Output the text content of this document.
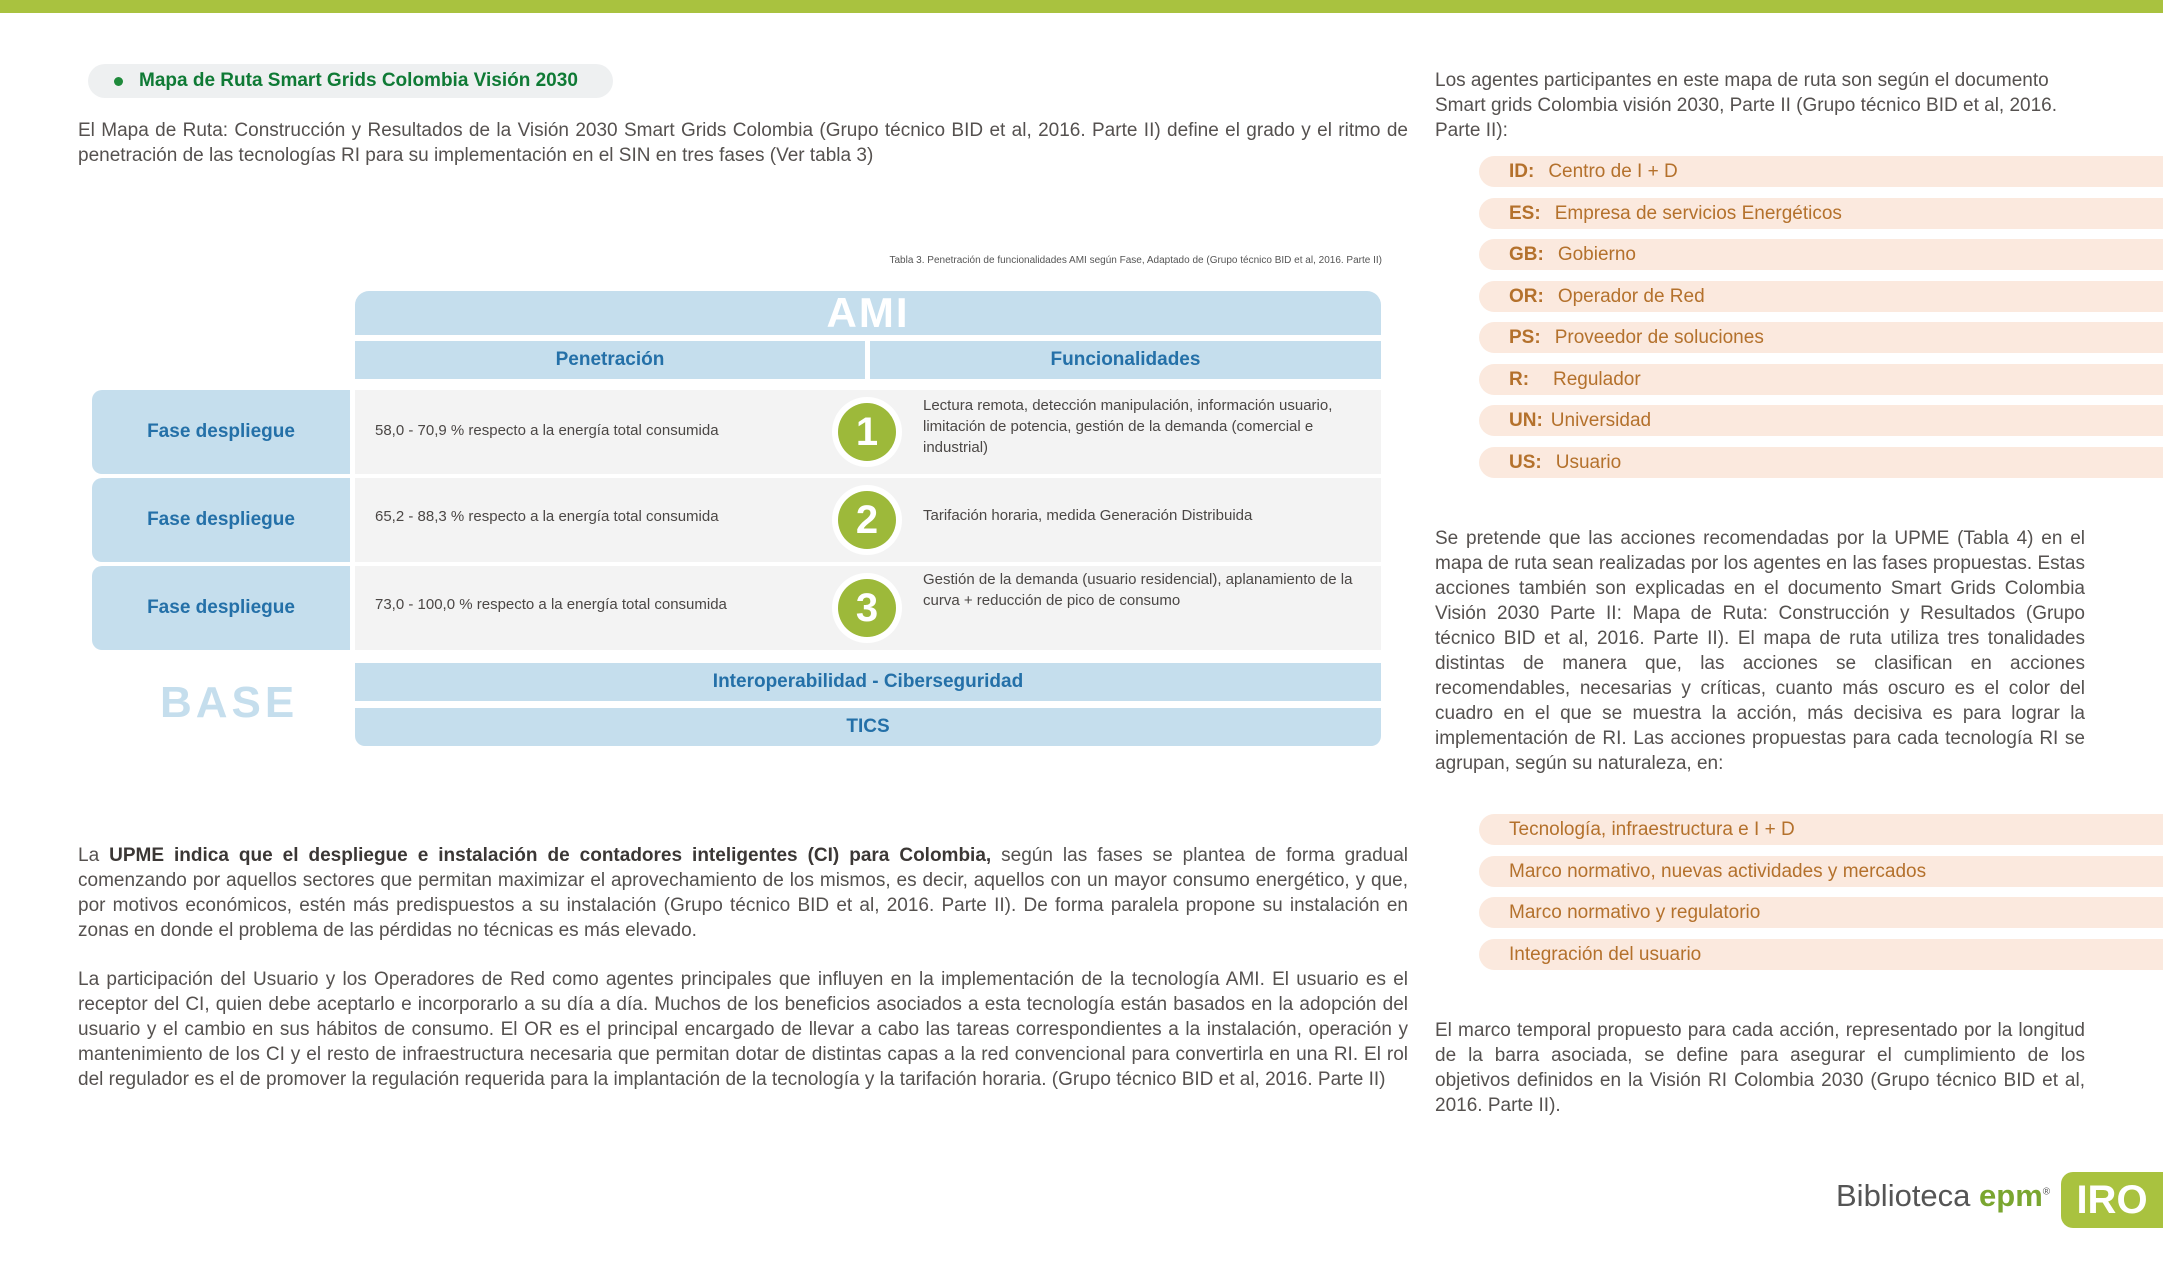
Mapa de Ruta Smart Grids Colombia Visión 2030
El Mapa de Ruta: Construcción y Resultados de la Visión 2030 Smart Grids Colombia (Grupo técnico BID et al, 2016. Parte II) define el grado y el ritmo de penetración de las tecnologías RI para su implementación en el SIN en tres fases (Ver tabla 3)
Tabla 3. Penetración de funcionalidades AMI según Fase, Adaptado de (Grupo técnico BID et al, 2016. Parte II)
AMI
Penetración	Funcionalidades
Fase despliegue	58,0 - 70,9 % respecto a la energía total consumida	1
Lectura remota, detección manipulación, información usuario, limitación de potencia, gestión de la demanda (comercial e industrial)
Fase despliegue	65,2 - 88,3 % respecto a la energía total consumida	2	Tarifación horaria, medida Generación Distribuida
Fase despliegue	73,0 - 100,0 % respecto a la energía total consumida	3
Gestión de la demanda (usuario residencial), aplanamiento de la curva + reducción de pico de consumo
BASE	Interoperabilidad - Ciberseguridad
TICS
La UPME indica que el despliegue e instalación de contadores inteligentes (CI) para Colombia, según las fases se plantea de forma gradual comenzando por aquellos sectores que permitan maximizar el aprovechamiento de los mismos, es decir, aquellos con un mayor consumo energético, y que, por motivos económicos, estén más predispuestos a su instalación (Grupo técnico BID et al, 2016. Parte II). De forma paralela propone su instalación en zonas en donde el problema de las pérdidas no técnicas es más elevado.
La participación del Usuario y los Operadores de Red como agentes principales que influyen en la implementación de la tecnología AMI. El usuario es el receptor del CI, quien debe aceptarlo e incorporarlo a su día a día. Muchos de los beneficios asociados a esta tecnología están basados en la adopción del usuario y el cambio en sus hábitos de consumo. El OR es el principal encargado de llevar a cabo las tareas correspondientes a la instalación, operación y mantenimiento de los CI y el resto de infraestructura necesaria que permitan dotar de distintas capas a la red convencional para convertirla en una RI. El rol del regulador es el de promover la regulación requerida para la implantación de la tecnología y la tarifación horaria. (Grupo técnico BID et al, 2016. Parte II)
Los agentes participantes en este mapa de ruta son según el documento Smart grids Colombia visión 2030, Parte II (Grupo técnico BID et al, 2016. Parte II):
ID: Centro de I + D
ES: Empresa de servicios Energéticos
GB: Gobierno
OR: Operador de Red
PS: Proveedor de soluciones
R:	Regulador
UN: Universidad
US: Usuario
Se pretende que las acciones recomendadas por la UPME (Tabla 4) en el mapa de ruta sean realizadas por los agentes en las fases propuestas. Estas acciones también son explicadas en el documento Smart Grids Colombia Visión 2030 Parte II: Mapa de Ruta: Construcción y Resultados (Grupo técnico BID et al, 2016. Parte II). El mapa de ruta utiliza tres tonalidades distintas de manera que, las acciones se clasifican en acciones recomendables, necesarias y críticas, cuanto más oscuro es el color del cuadro en el que se muestra la acción, más decisiva es para lograr la implementación de RI. Las acciones propuestas para cada tecnología RI se agrupan, según su naturaleza, en:
Tecnología, infraestructura e I + D
Marco normativo, nuevas actividades y mercados
Marco normativo y regulatorio
Integración del usuario
El marco temporal propuesto para cada acción, representado por la longitud de la barra asociada, se define para asegurar el cumplimiento de los objetivos definidos en la Visión RI Colombia 2030 (Grupo técnico BID et al, 2016. Parte II).
Biblioteca epm® IRO
